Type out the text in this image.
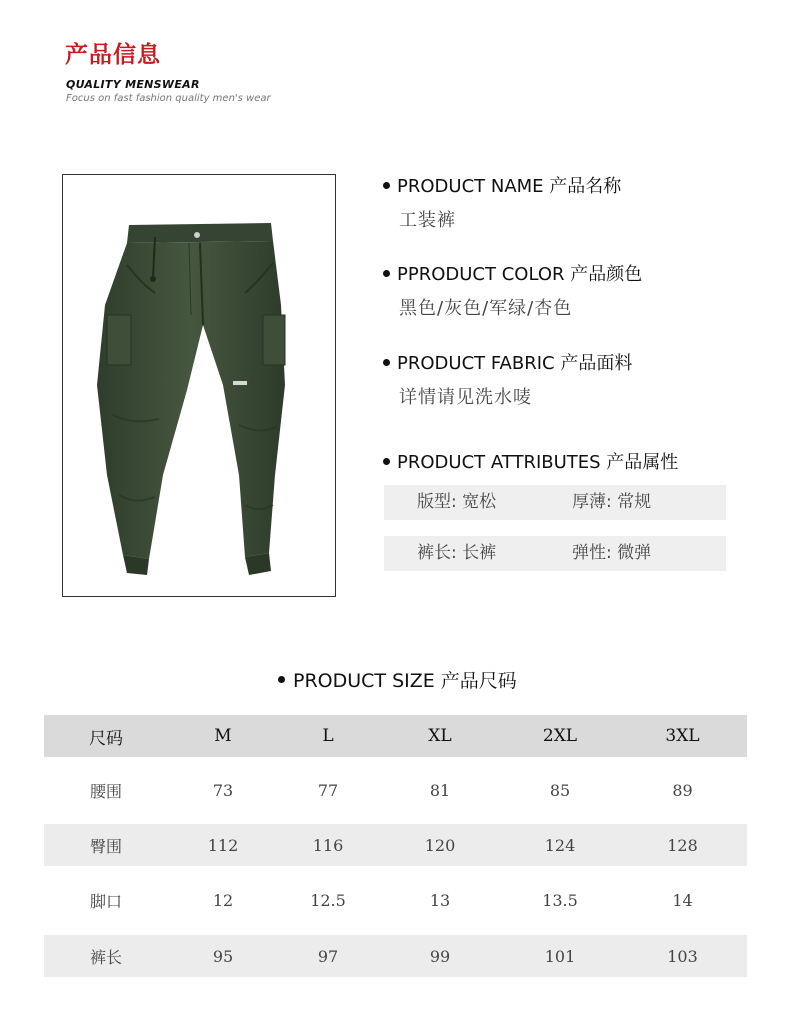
产品信息
QUALITY MENSWEAR
Focus on fast fashion quality men's wear
PRODUCT NAME 产品名称
工装裤
PPRODUCT COLOR 产品颜色
黑色/灰色/军绿/杏色
PRODUCT FABRIC 产品面料
详情请见洗水唛
PRODUCT ATTRIBUTES 产品属性
版型: 宽松	厚薄: 常规
裤长: 长裤	弹性: 微弹
PRODUCT SIZE 产品尺码
尺码	M	L	XL	2XL	3XL
腰围	73	77	81	85	89
臀围	112	116	120	124	128
脚口	12	12.5	13	13.5	14
裤长	95	97	99	101	103
